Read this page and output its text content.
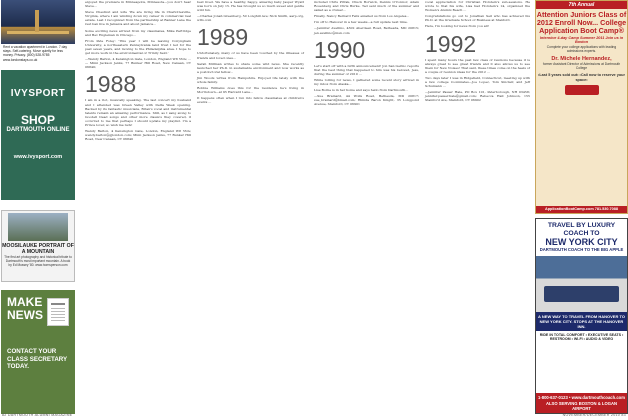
Rent a vacation apartment in London. 7 day stays. Self-catering. Move quietly for less money. Privacy. (800) 528-9785 www.londonstays.co.uk
IVYSPORT
SHOP
DARTMOUTH ONLINE
www.ivysport.com
MOOSILAUKE PORTRAIT OF A MOUNTAIN
The first art photography and historical tribute to Dartmouth's most important mountain. A book by Ed Mussey '80. www.hornsperson.com
MAKE NEWS
CONTACT YOUR CLASS SECRETARY TODAY.

enjoyed the premiere in Minneapolis, Minnesota—you don't hear Steve...

Steve Chestnut and wife 'We are living life in Charlottesville, Virginia, where I am winding down my career in commercial real estate. Last I recognized from the partnership at Banner Lane the rest ban live in Jamaica and about Jamaica...

Some exciting news arrived from my classmates, Mike Partridge and Bev Engleman in Chicago...

From Pete Foley: 'This year I will be leaving Conyngham University, a northeastern Pennsylvania land trust I led for the past seven years, and moving to the Philadelphia area. I hope to get more work in the environmental or Trinity field.'

—Wendy Barlon, 4 Kensington Gate, London, England W8 5NA; ... — Mimi Jackson Jenks, 77 Bunker Hill Road, New Canaan, CT 06840;

1988

I am in a riot, musically speaking. The last concert my husband and I attended was Green Valley with Delta Week opening. Backed by its fantastic musicians, Brian's vocal and instrumental talents remain an amazing performance. Still, as I sang along to Goodell Dead songs and other more classics they covered, it occurred to me that perhaps I should update my playlist. I'm a Prince lover, so wish me luck!

Wendy Barlon, 4 Kensington Gate, London, England W8 5NA; wendy.barlon@gjlondon.com; Mimi Jackson Jenks, 77 Bunker Hill Road, New Canaan, CT 06840

best lived. We have a healthy, happy, amazing baby Jasper Wyatt was born on July 15. He has brought us so much sweet and gentle wild fun.

—Charles Jonah Greenberg, 50 Longhill Ave; Nick Smith, aarp.org, wtfs.com

1989

Unfortunately, many of us have been touched by the illnesses of friends and loved ones...

Sarah Millman writes to share some wild news. She recently launched her Ph.D. in sustainable environment and now works as a postdoctoral fellow...

Jim Woods writes from Hampshire. Enjoyed life lately with the whole family.

Robbie Williams does this for the residence he's living in Morristown—at 95 Harvard Lane...

It happens often when I run into fellow classmates at children's events ...

included Chris Prifak, Chuck Borwick, Dennis O'Connor, Adam Rosenberg and Chris Burke. Ted sent much of the summer and sailed as a cruiser...

Finally, Nancy Bernard Felix emailed us from Los Angeles...

I'm off to Hanover in a few weeks—a full update next time.

—Jennifer Avellino, 4302 Aberdeen Road, Bethesda, MD 20815; jen.avellino@msn.com

1990

Let's start off with a birth announcement! Jon San Germo reports that the best thing that happened to him was his beloved, Jess, during the summer of 2010 ...

While rolling for news, I gathered some recent story arrived in my inbox from Alaska...

Lise Borne is in her home and says hello from Dartmouth...

—Sue Brainard, 44 Wolls Road, Bethesda, MD 20817; sue_brainard@bmail.com; Rhinda Baron Knight, 35 Longpond Avenue, Stamford, CT 06901

vocal appreciation for Christian Horstein's sub-sessions. He wrote to that his wife, Lisa had Horstein's 14, organized the Women's Alumni Beach ...

Congratulations go out to Jonathan Seil who has achieved his Ph.D. at the Graduate School of Business at Stanford.

Here, I'm looking for news from you all!

1992

I spent many hours the past few class of reunions because it is always great to see great friends and it also allows us to see them for New Noises! That said, these times come on the heels of a couple of reunion ideas for the 2012 ...

Two days later I was in Ridgefield, Connecticut, meeting up with a few college roommates—Joe Lopez, Tom Sinclair, and Jeff Schumann ...

—Jennifer Passer Hale, PO Box 101, Peterborough, NH 03458; jennifer.passer.hale@gmail.com; Rebecca Hall Johnson, 155 Stamford Ave, Stamford, CT 06902

7th Annual
Attention Juniors Class of 2012 Enroll Now... College Application Boot Camp®
Intensive 4-day Camp Summer 2011 Join us in Boston
Complete your college applications with leading admissions experts.
Dr. Michele Hernandez,
former Assistant Director of Admissions at Dartmouth College
•Last 5 years sold out• •Call now to reserve your space•
ApplicationBootCamp.com 781.530.7088
TRAVEL BY LUXURY COACH TO
NEW YORK CITY
DARTMOUTH COACH TO THE BIG APPLE
A NEW WAY TO TRAVEL FROM HANOVER TO NEW YORK CITY. STOPS AT THE HANOVER INN.
RIDE IN TOTAL COMFORT • EXECUTIVE SEATS • RESTROOM • WI-FI • AUDIO & VIDEO
1-800-637-0123 • www.dartmouthcoach.com ALSO SERVING BOSTON & LOGAN AIRPORT
82 DARTMOUTH ALUMNI MAGAZINE	NOVEMBER/DECEMBER 2010 83
